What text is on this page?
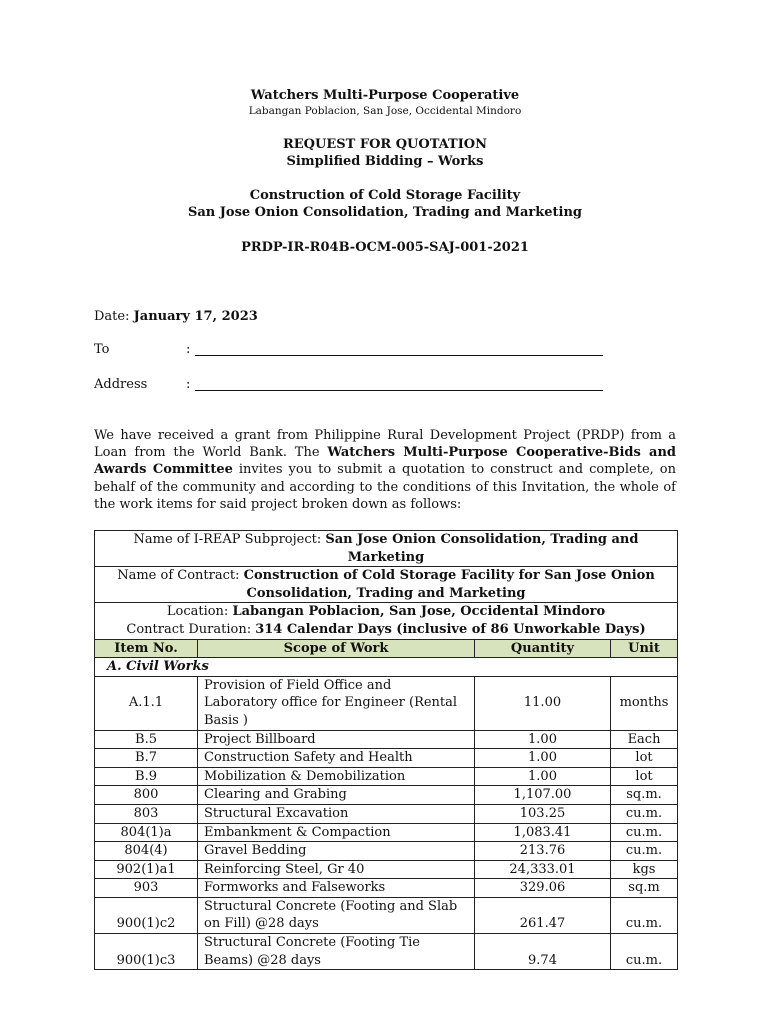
Watchers Multi-Purpose Cooperative
Labangan Poblacion, San Jose, Occidental Mindoro
REQUEST FOR QUOTATION
Simplified Bidding – Works
Construction of Cold Storage Facility
San Jose Onion Consolidation, Trading and Marketing
PRDP-IR-R04B-OCM-005-SAJ-001-2021
Date: January 17, 2023
To	:
Address	:
We have received a grant from Philippine Rural Development Project (PRDP) from a Loan from the World Bank. The Watchers Multi-Purpose Cooperative-Bids and Awards Committee invites you to submit a quotation to construct and complete, on behalf of the community and according to the conditions of this Invitation, the whole of the work items for said project broken down as follows:
Name of I-REAP Subproject: San Jose Onion Consolidation, Trading and Marketing			
Name of Contract: Construction of Cold Storage Facility for San Jose Onion Consolidation, Trading and Marketing			
Location: Labangan Poblacion, San Jose, Occidental Mindoro
Contract Duration: 314 Calendar Days (inclusive of 86 Unworkable Days)			
Item No.	Scope of Work	Quantity	Unit
A. Civil Works			
A.1.1	Provision of Field Office and Laboratory office for Engineer (Rental Basis )	11.00	months
B.5	Project Billboard	1.00	Each
B.7	Construction Safety and Health	1.00	lot
B.9	Mobilization & Demobilization	1.00	lot
800	Clearing and Grabing	1,107.00	sq.m.
803	Structural Excavation	103.25	cu.m.
804(1)a	Embankment & Compaction	1,083.41	cu.m.
804(4)	Gravel Bedding	213.76	cu.m.
902(1)a1	Reinforcing Steel, Gr 40	24,333.01	kgs
903	Formworks and Falseworks	329.06	sq.m
900(1)c2	Structural Concrete (Footing and Slab on Fill) @28 days	261.47	cu.m.
900(1)c3	Structural Concrete (Footing Tie Beams) @28 days	9.74	cu.m.
